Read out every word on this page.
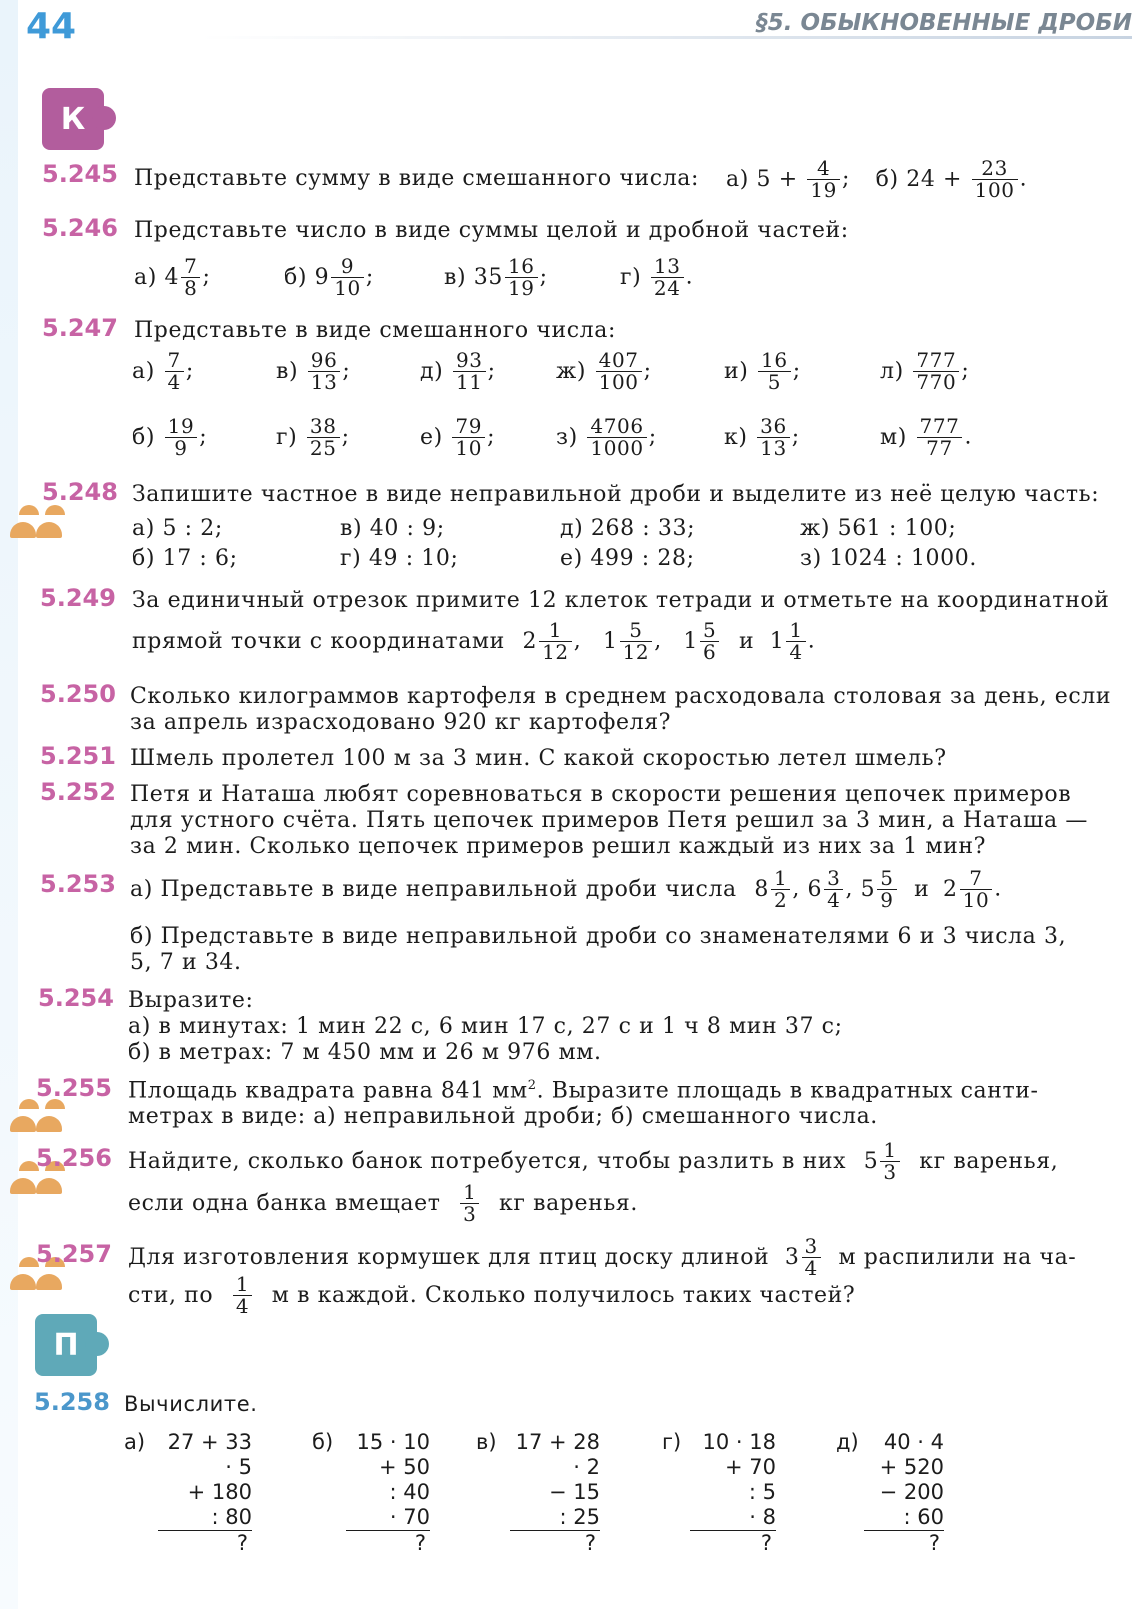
44	§5. ОБЫКНОВЕННЫЕ ДРОБИ
К
5.245 Представьте сумму в виде смешанного числа: а) $5 + \frac{4}{19}$ ; б) $24 + \frac{23}{100}$ .
5.246 Представьте число в виде суммы целой и дробной частей:
а) $4 \frac{7}{8}$ ;	б) $9 \frac{9}{10}$ ;	в) $35 \frac{16}{19}$ ;	$г) \frac{13}{24}$ .
5.247 Представьте в виде смешанного числа:
$а) \frac{7}{4}$ ;	$в) \frac{96}{13}$ ;	$д) \frac{93}{11}$ ;	$ж) \frac{407}{100}$ ;	$и) \frac{16}{5}$ ;	$л) \frac{777}{770}$ ;
$б) \frac{19}{9}$ ;	$г) \frac{38}{25}$ ;	$е) \frac{79}{10}$ ;	$з) \frac{4706}{1000}$ ;	$к) \frac{36}{13}$ ;	$м) \frac{777}{77}$ .
5.248 Запишите частное в виде неправильной дроби и выделите из неё целую часть:
а) 5 : 2;	в) 40 : 9;	д) 268 : 33;	ж) 561 : 100;
б) 17 : 6;	г) 49 : 10;	е) 499 : 28;	з) 1024 : 1000.
5.249 За единичный отрезок примите 12 клеток тетради и отметьте на координатной
прямой точки с координатами $2 \frac{1}{12}$ , $1 \frac{5}{12}$ , $1 \frac{5}{6}$ и $1 \frac{1}{4}$ .
5.250 Сколько килограммов картофеля в среднем расходовала столовая за день, если
за апрель израсходовано 920 кг картофеля?
5.251 Шмель пролетел 100 м за 3 мин. С какой скоростью летел шмель?
5.252 Петя и Наташа любят соревноваться в скорости решения цепочек примеров
для устного счёта. Пять цепочек примеров Петя решил за 3 мин, а Наташа —
за 2 мин. Сколько цепочек примеров решил каждый из них за 1 мин?
5.253 а) Представьте в виде неправильной дроби числа $8 \frac{1}{2}$ , $6 \frac{3}{4}$ , $5 \frac{5}{9}$ и $2 \frac{7}{10}$ .
б) Представьте в виде неправильной дроби со знаменателями 6 и 3 числа 3,
5, 7 и 34.
5.254 Выразите:
а) в минутах: 1 мин 22 с, 6 мин 17 с, 27 с и 1 ч 8 мин 37 с;
б) в метрах: 7 м 450 мм и 26 м 976 мм.
5.255 Площадь квадрата равна 841 $мм^2$. Выразите площадь в квадратных санти-
метрах в виде: а) неправильной дроби; б) смешанного числа.
5.256 Найдите, сколько банок потребуется, чтобы разлить в них $5 \frac{1}{3}$ кг варенья,
если одна банка вмещает $\frac{1}{3}$ кг варенья.
5.257 Для изготовления кормушек для птиц доску длиной $3 \frac{3}{4}$ м распилили на ча-
сти, по $\frac{1}{4}$ м в каждой. Сколько получилось таких частей?
П
5.258 Вычислите.
а)	27 + 33
· 5
+ 180
: 80
?
б)	15 · 10
+ 50
: 40
· 70
?
в) 17 + 28
· 2
− 15
: 25
?
г)	10 · 18
+ 70
: 5
· 8
?
д)	40 · 4
+ 520
− 200
: 60
?
